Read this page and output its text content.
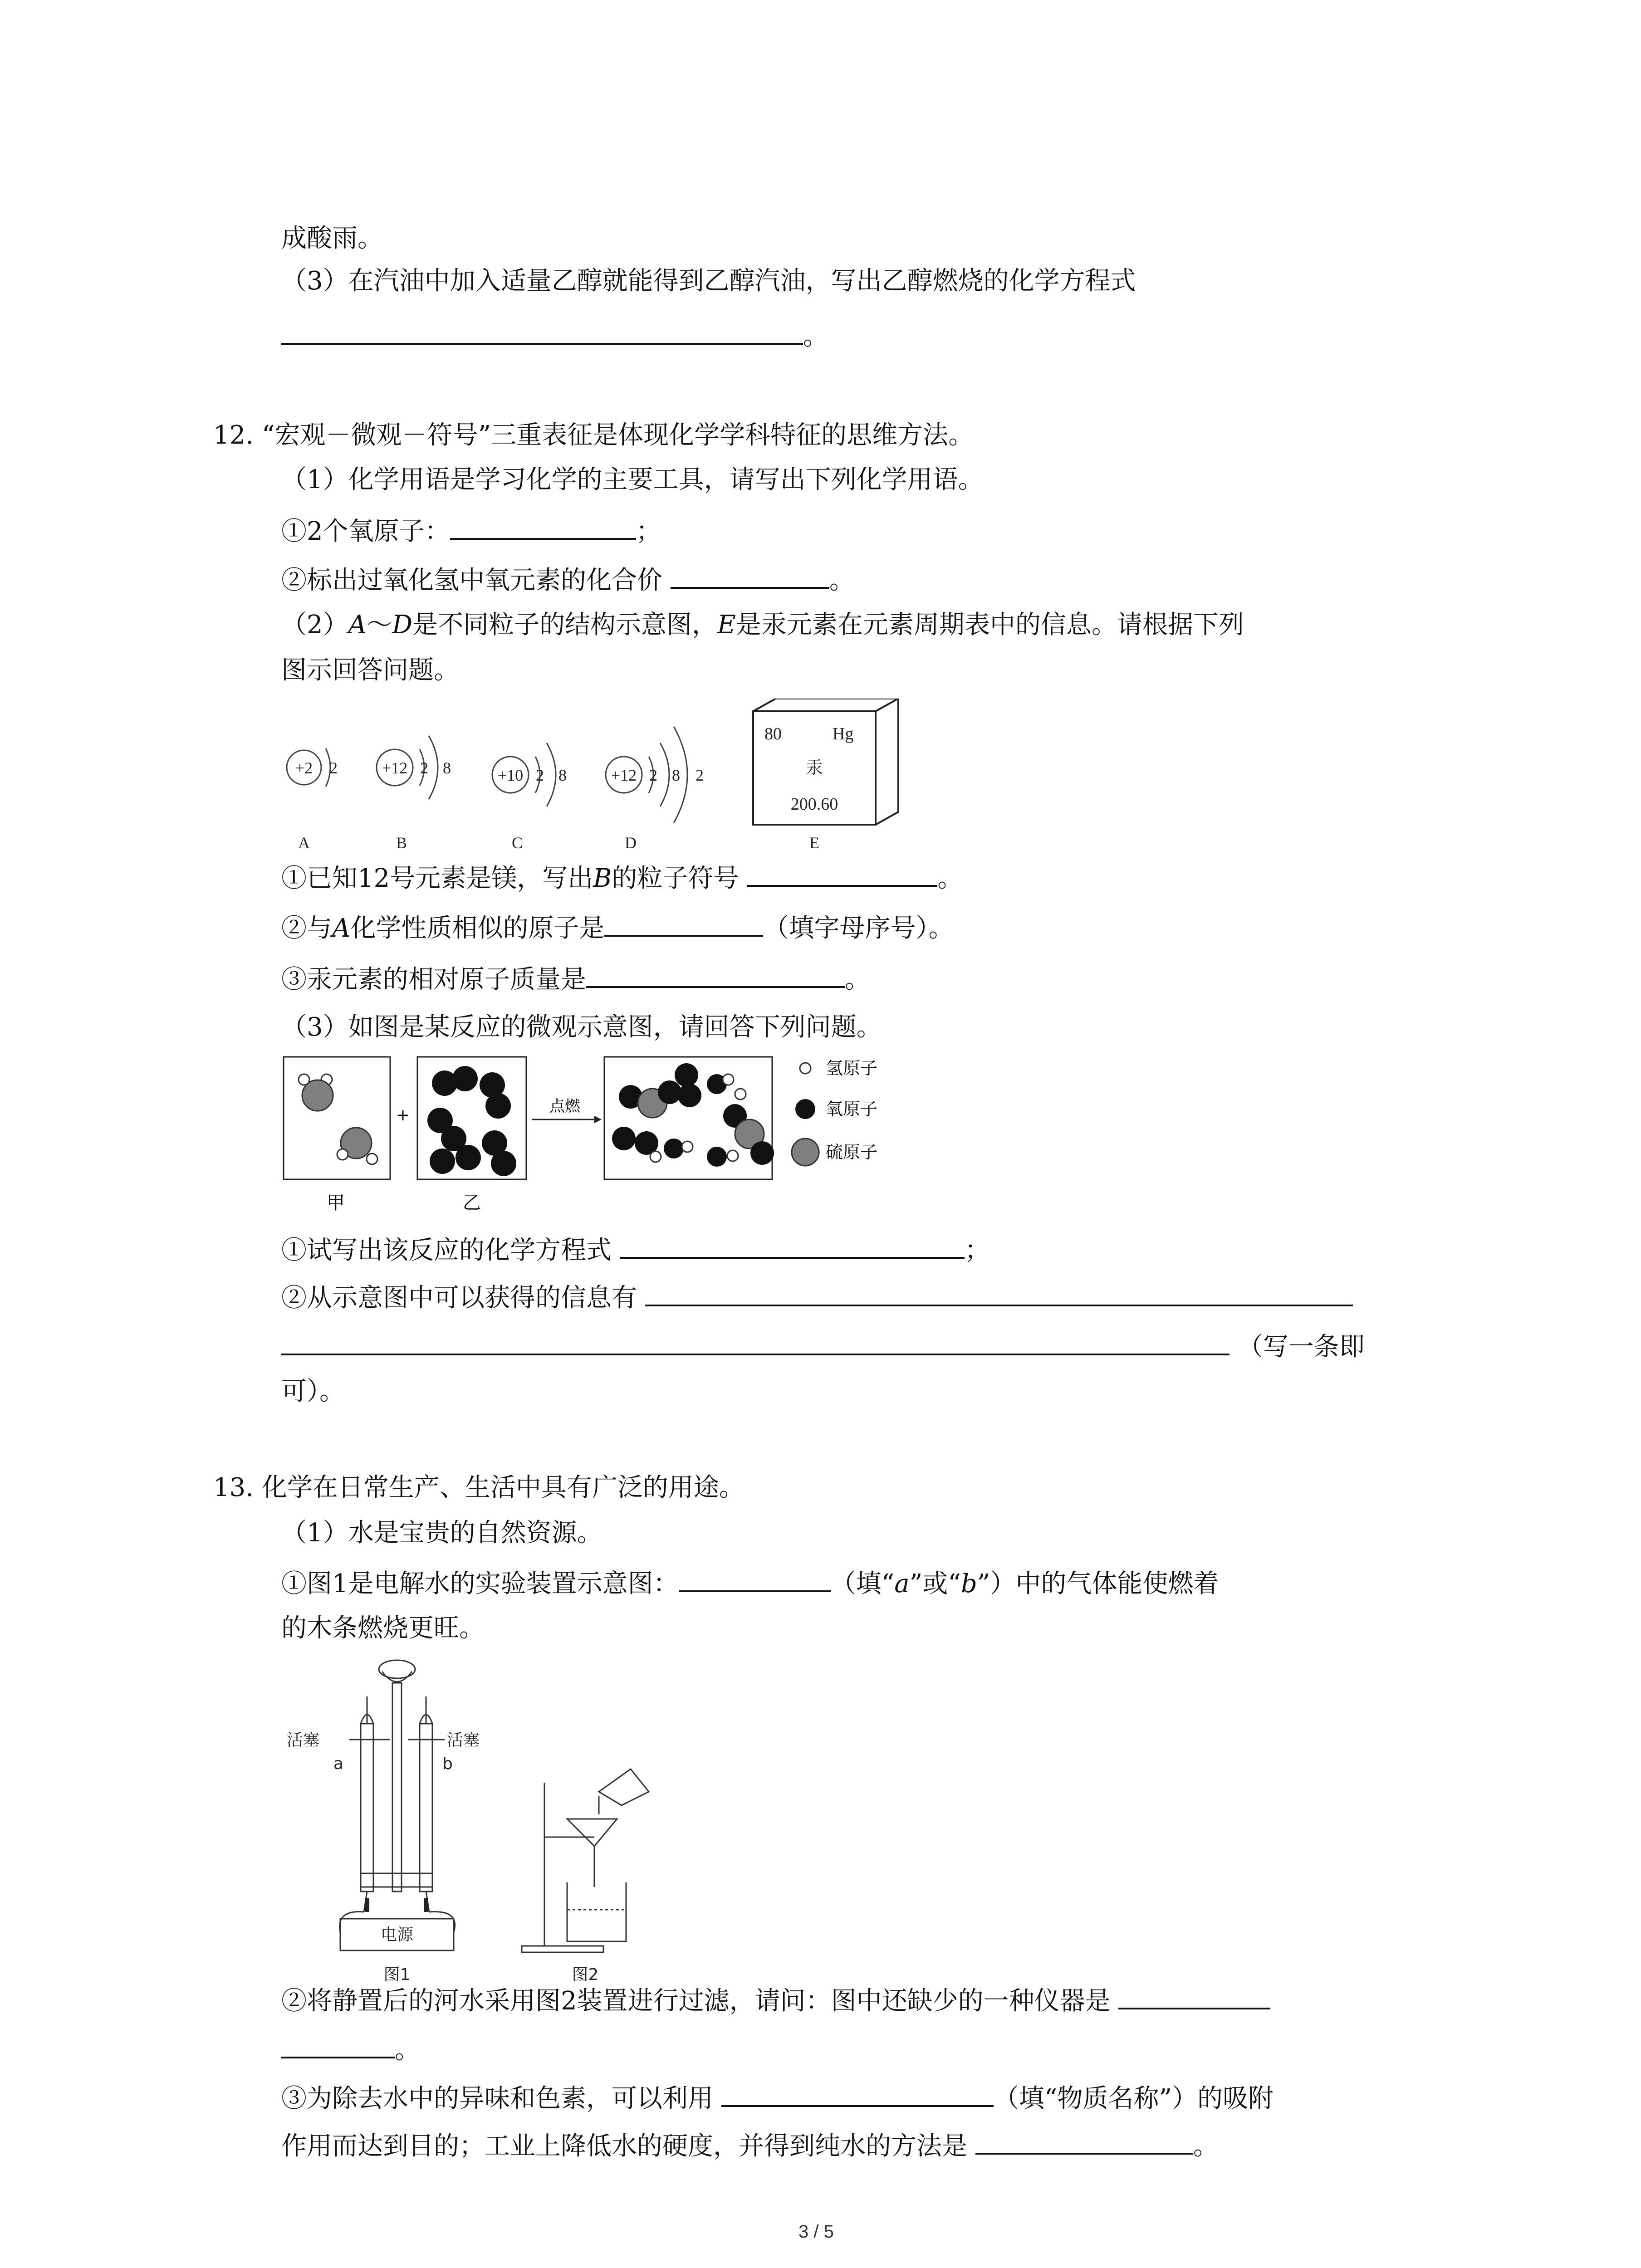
成酸雨。
（3）在汽油中加入适量乙醇就能得到乙醇汽油，写出乙醇燃烧的化学方程式
。
12. “宏观－微观－符号”三重表征是体现化学学科特征的思维方法。
（1）化学用语是学习化学的主要工具，请写出下列化学用语。
①2个氧原子：	；
②标出过氧化氢中氧元素的化合价	。
（2）A～D是不同粒子的结构示意图，E是汞元素在元素周期表中的信息。请根据下列
图示回答问题。
+2 2	+12 2 8	+10 2 8	+12 2 8 2
A	B	C	D
80	Hg
汞
200.60
E
①已知12号元素是镁，写出B的粒子符号	。
②与A化学性质相似的原子是	（填字母序号）。
③汞元素的相对原子质量是	。
（3）如图是某反应的微观示意图，请回答下列问题。
+	点燃
氢原子
氧原子
硫原子
甲	乙
①试写出该反应的化学方程式	；
②从示意图中可以获得的信息有
（写一条即
可）。
13. 化学在日常生产、生活中具有广泛的用途。
（1）水是宝贵的自然资源。
①图1是电解水的实验装置示意图：	（填“a”或“b”）中的气体能使燃着
的木条燃烧更旺。
活塞	活塞
a	b
电源
图1	图2
②将静置后的河水采用图2装置进行过滤，请问：图中还缺少的一种仪器是
。
③为除去水中的异味和色素，可以利用	（填“物质名称”）的吸附
作用而达到目的；工业上降低水的硬度，并得到纯水的方法是	。
3 / 5
